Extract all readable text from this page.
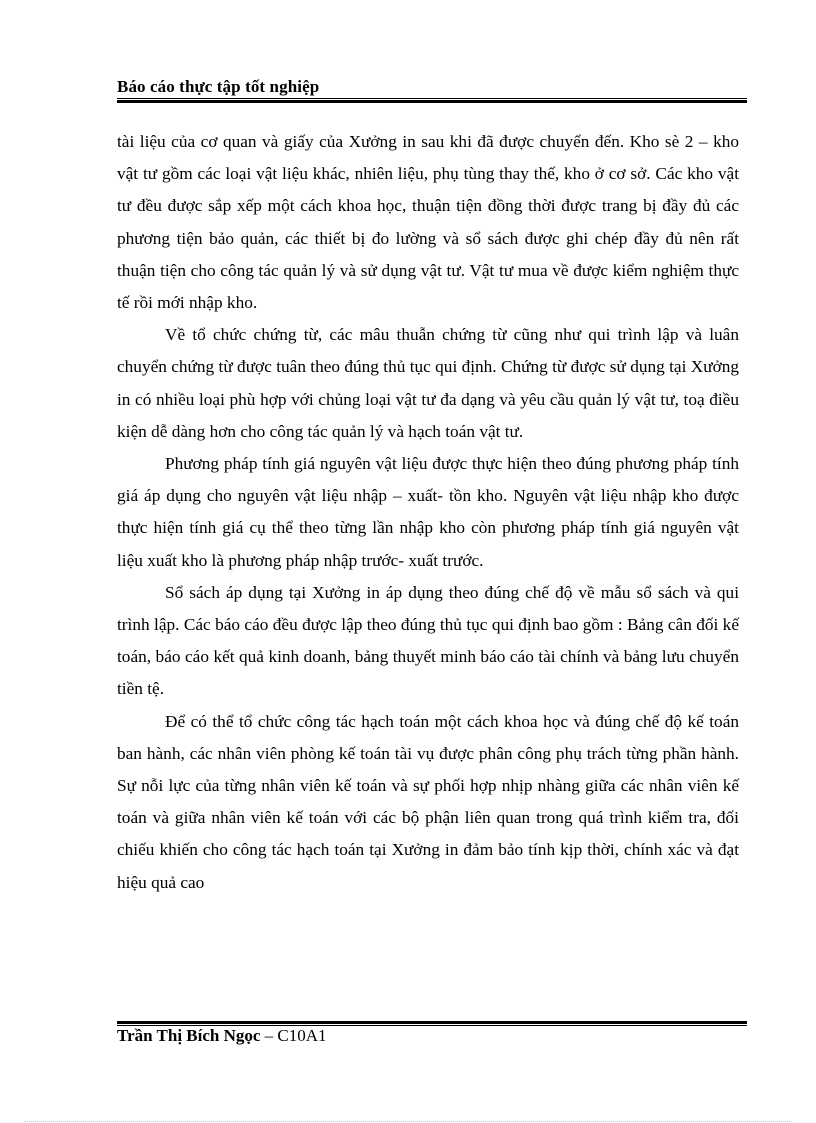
Báo cáo thực tập tốt nghiệp

tài liệu của cơ quan và giấy của Xưởng in sau khi đã được chuyển đến. Kho sè 2 – kho vật tư gồm các loại vật liệu khác, nhiên liệu, phụ tùng thay thế, kho ở cơ sở. Các kho vật tư đều được sắp xếp một cách khoa học, thuận tiện đồng thời được trang bị đầy đủ các phương tiện bảo quản, các thiết bị đo lường và sổ sách được ghi chép đầy đủ nên rất thuận tiện cho công tác quản lý và sử dụng vật tư. Vật tư mua về được kiểm nghiệm thực tế rồi mới nhập kho.

Về tổ chức chứng từ, các mâu thuẫn chứng từ cũng như qui trình lập và luân chuyển chứng từ được tuân theo đúng thủ tục qui định. Chứng từ được sử dụng tại Xưởng in có nhiều loại phù hợp với chủng loại vật tư đa dạng và yêu cầu quản lý vật tư, toạ điều kiện dễ dàng hơn cho công tác quản lý và hạch toán vật tư.

Phương pháp tính giá nguyên vật liệu được thực hiện theo đúng phương pháp tính giá áp dụng cho nguyên vật liệu nhập – xuất- tồn kho. Nguyên vật liệu nhập kho được thực hiện tính giá cụ thể theo từng lần nhập kho còn phương pháp tính giá nguyên vật liệu xuất kho là phương pháp nhập trước- xuất trước.

Sổ sách áp dụng tại Xưởng in áp dụng theo đúng chế độ về mẫu sổ sách và qui trình lập. Các báo cáo đều được lập theo đúng thủ tục qui định bao gồm : Bảng cân đối kế toán, báo cáo kết quả kinh doanh, bảng thuyết minh báo cáo tài chính và bảng lưu chuyển tiền tệ.

Để có thể tổ chức công tác hạch toán một cách khoa học và đúng chế độ kế toán ban hành, các nhân viên phòng kế toán tài vụ được phân công phụ trách từng phần hành. Sự nỗi lực của từng nhân viên kế toán và sự phối hợp nhịp nhàng giữa các nhân viên kế toán và giữa nhân viên kế toán với các bộ phận liên quan trong quá trình kiểm tra, đối chiếu khiến cho công tác hạch toán tại Xưởng in đảm bảo tính kịp thời, chính xác và đạt hiệu quả cao

Trần Thị Bích Ngọc – C10A1
